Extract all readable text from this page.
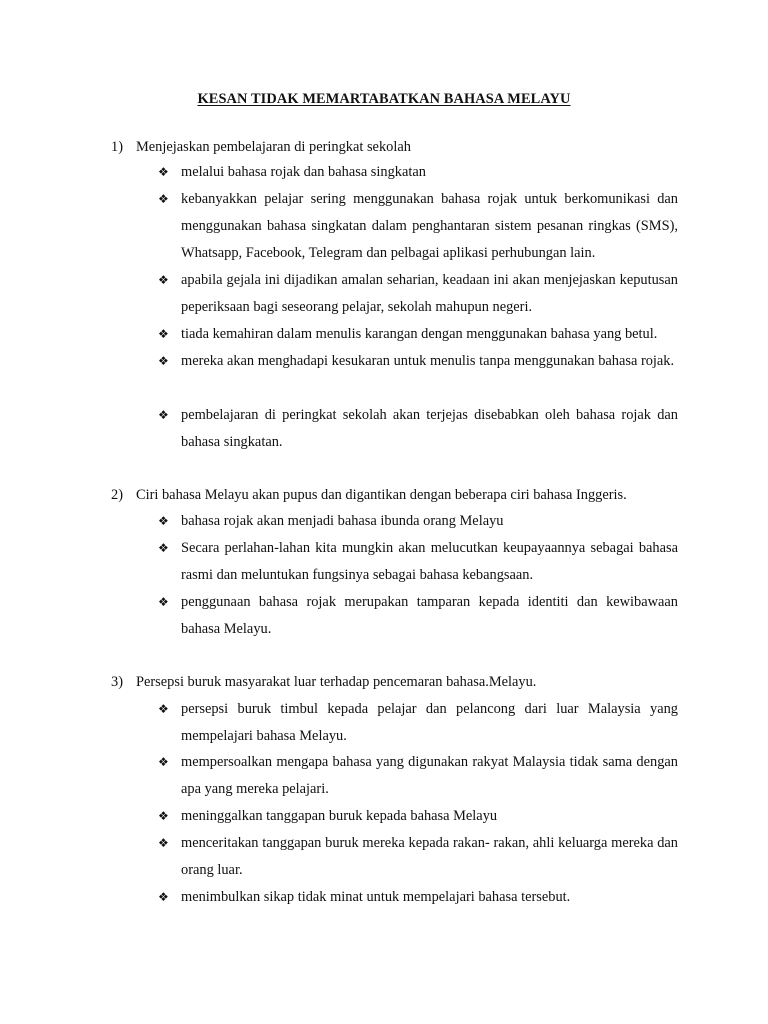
KESAN TIDAK MEMARTABATKAN BAHASA MELAYU
1) Menjejaskan pembelajaran di peringkat sekolah
❖ melalui bahasa rojak dan bahasa singkatan
❖ kebanyakkan pelajar sering menggunakan bahasa rojak untuk berkomunikasi dan menggunakan bahasa singkatan dalam penghantaran sistem pesanan ringkas (SMS), Whatsapp, Facebook, Telegram dan pelbagai aplikasi perhubungan lain.
❖ apabila gejala ini dijadikan amalan seharian, keadaan ini akan menjejaskan keputusan peperiksaan bagi seseorang pelajar, sekolah mahupun negeri.
❖ tiada kemahiran dalam menulis karangan dengan menggunakan bahasa yang betul.
❖ mereka akan menghadapi kesukaran untuk menulis tanpa menggunakan bahasa rojak.
❖ pembelajaran di peringkat sekolah akan terjejas disebabkan oleh bahasa rojak dan bahasa singkatan.
2) Ciri bahasa Melayu akan pupus dan digantikan dengan beberapa ciri bahasa Inggeris.
❖ bahasa rojak akan menjadi bahasa ibunda orang Melayu
❖ Secara perlahan-lahan kita mungkin akan melucutkan keupayaannya sebagai bahasa rasmi dan meluntukan fungsinya sebagai bahasa kebangsaan.
❖ penggunaan bahasa rojak merupakan tamparan kepada identiti dan kewibawaan bahasa Melayu.
3) Persepsi buruk masyarakat luar terhadap pencemaran bahasa.Melayu.
❖ persepsi buruk timbul kepada pelajar dan pelancong dari luar Malaysia yang mempelajari bahasa Melayu.
❖ mempersoalkan mengapa bahasa yang digunakan rakyat Malaysia tidak sama dengan apa yang mereka pelajari.
❖ meninggalkan tanggapan buruk kepada bahasa Melayu
❖ menceritakan tanggapan buruk mereka kepada rakan- rakan, ahli keluarga mereka dan orang luar.
❖ menimbulkan sikap tidak minat untuk mempelajari bahasa tersebut.
